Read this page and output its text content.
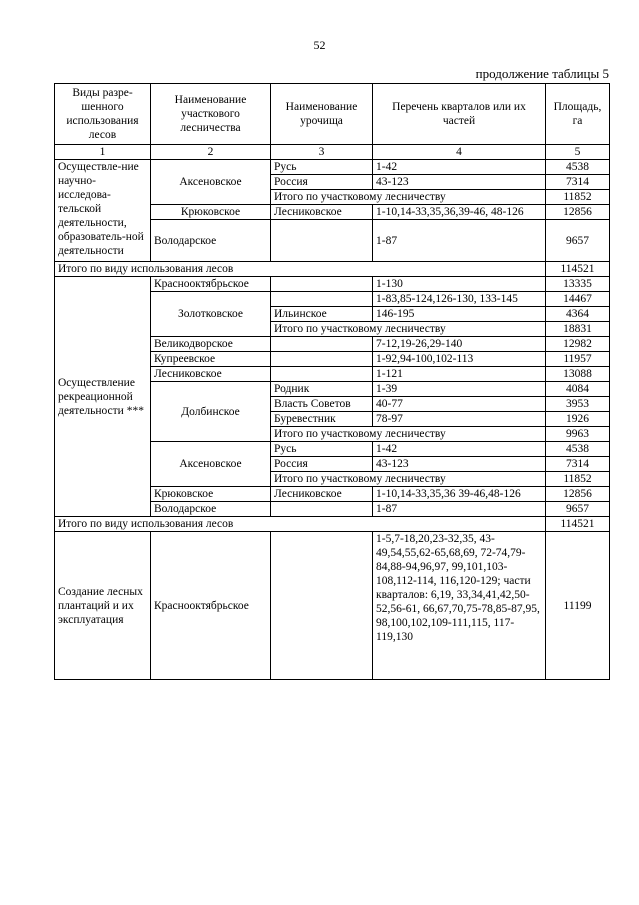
52
продолжение таблицы 5
Виды разре-шенного использования лесов	Наименование участкового лесничества	Наименование урочища	Перечень кварталов или их частей	Площадь, га
1	2	3	4	5
Осуществле-ние научно-исследова-тельской деятельности, образователь-ной деятельности	Аксеновское	Русь	1-42	4538
		Россия	43-123	7314
		Итого по участковому лесничеству		11852
	Крюковское	Лесниковское	1-10,14-33,35,36,39-46, 48-126	12856
	Володарское		1-87	9657

Итого по виду использования лесов				114521
Осуществление рекреационной деятельности ***	Краснооктябрьское		1-130	13335
	Золотковское		1-83,85-124,126-130, 133-145	14467
		Ильинское	146-195	4364
		Итого по участковому лесничеству		18831
	Великодворское		7-12,19-26,29-140	12982
	Купреевское		1-92,94-100,102-113	11957
	Лесниковское		1-121	13088
	Долбинское	Родник	1-39	4084
		Власть Советов	40-77	3953
		Буревестник	78-97	1926
		Итого по участковому лесничеству		9963
	Аксеновское	Русь	1-42	4538
		Россия	43-123	7314
		Итого по участковому лесничеству		11852
	Крюковское	Лесниковское	1-10,14-33,35,36 39-46,48-126	12856
	Володарское		1-87	9657
Итого по виду использования лесов				114521
Создание лесных плантаций и их эксплуатация	Краснооктябрьское		1-5,7-18,20,23-32,35, 43-49,54,55,62-65,68,69, 72-74,79-84,88-94,96,97, 99,101,103-108,112-114, 116,120-129; части кварталов: 6,19, 33,34,41,42,50-52,56-61, 66,67,70,75-78,85-87,95, 98,100,102,109-111,115, 117-119,130	11199
